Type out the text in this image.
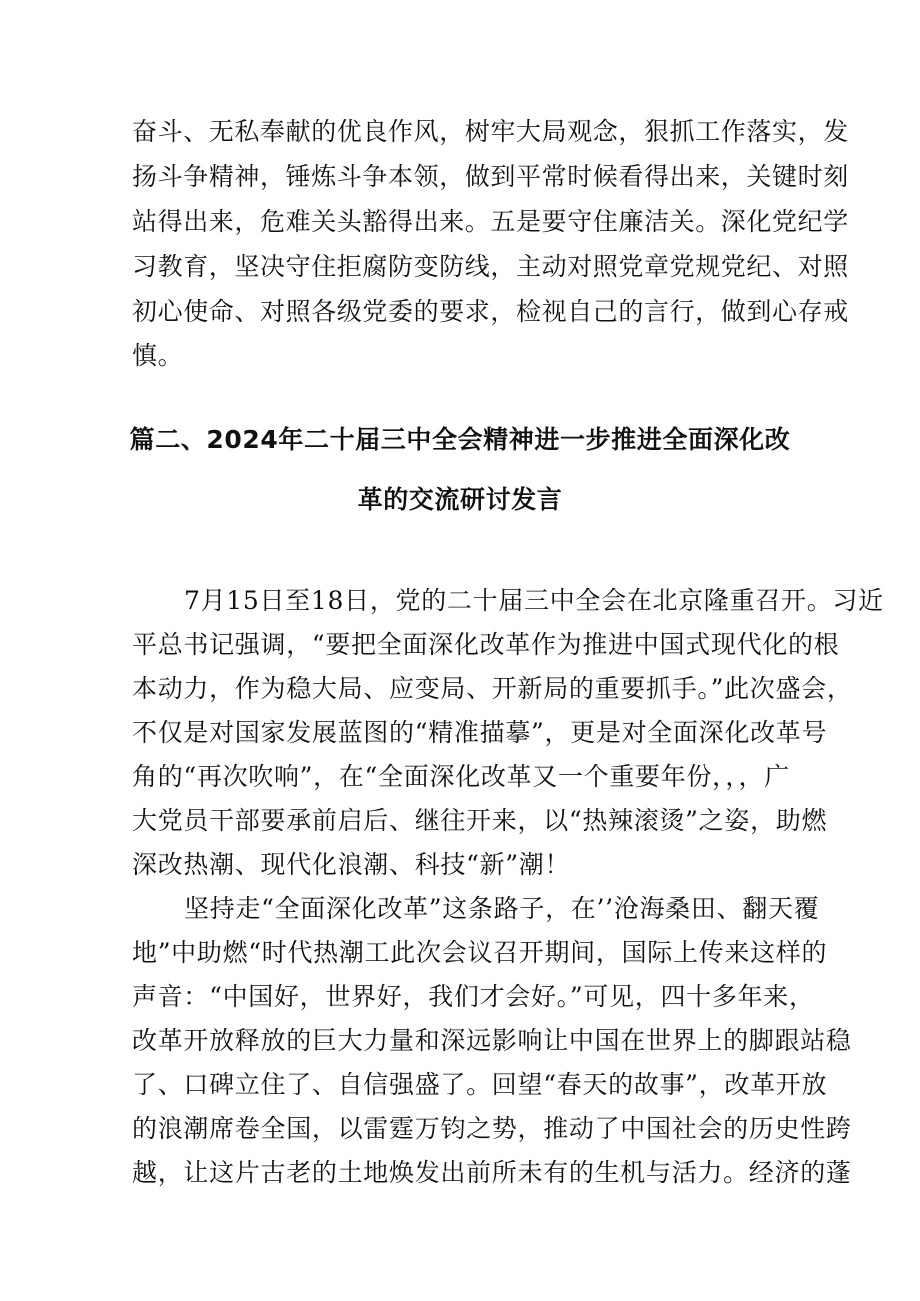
奋斗、无私奉献的优良作风，树牢大局观念，狠抓工作落实，发
扬斗争精神，锤炼斗争本领，做到平常时候看得出来，关键时刻
站得出来，危难关头豁得出来。五是要守住廉洁关。深化党纪学
习教育，坚决守住拒腐防变防线，主动对照党章党规党纪、对照
初心使命、对照各级党委的要求，检视自己的言行，做到心存戒
慎。
篇二、2024年二十届三中全会精神进一步推进全面深化改
革的交流研讨发言
7月15日至18日，党的二十届三中全会在北京隆重召开。习近
平总书记强调，“要把全面深化改革作为推进中国式现代化的根
本动力，作为稳大局、应变局、开新局的重要抓手。”此次盛会，
不仅是对国家发展蓝图的“精准描摹”，更是对全面深化改革号
角的“再次吹响”，在“全面深化改革又一个重要年份，，，广
大党员干部要承前启后、继往开来，以“热辣滚烫”之姿，助燃
深改热潮、现代化浪潮、科技“新”潮！
坚持走“全面深化改革”这条路子，在’’沧海桑田、翻天覆
地”中助燃“时代热潮工此次会议召开期间，国际上传来这样的
声音：“中国好，世界好，我们才会好。”可见，四十多年来，
改革开放释放的巨大力量和深远影响让中国在世界上的脚跟站稳
了、口碑立住了、自信强盛了。回望“春天的故事”，改革开放
的浪潮席卷全国，以雷霆万钧之势，推动了中国社会的历史性跨
越，让这片古老的土地焕发出前所未有的生机与活力。经济的蓬
